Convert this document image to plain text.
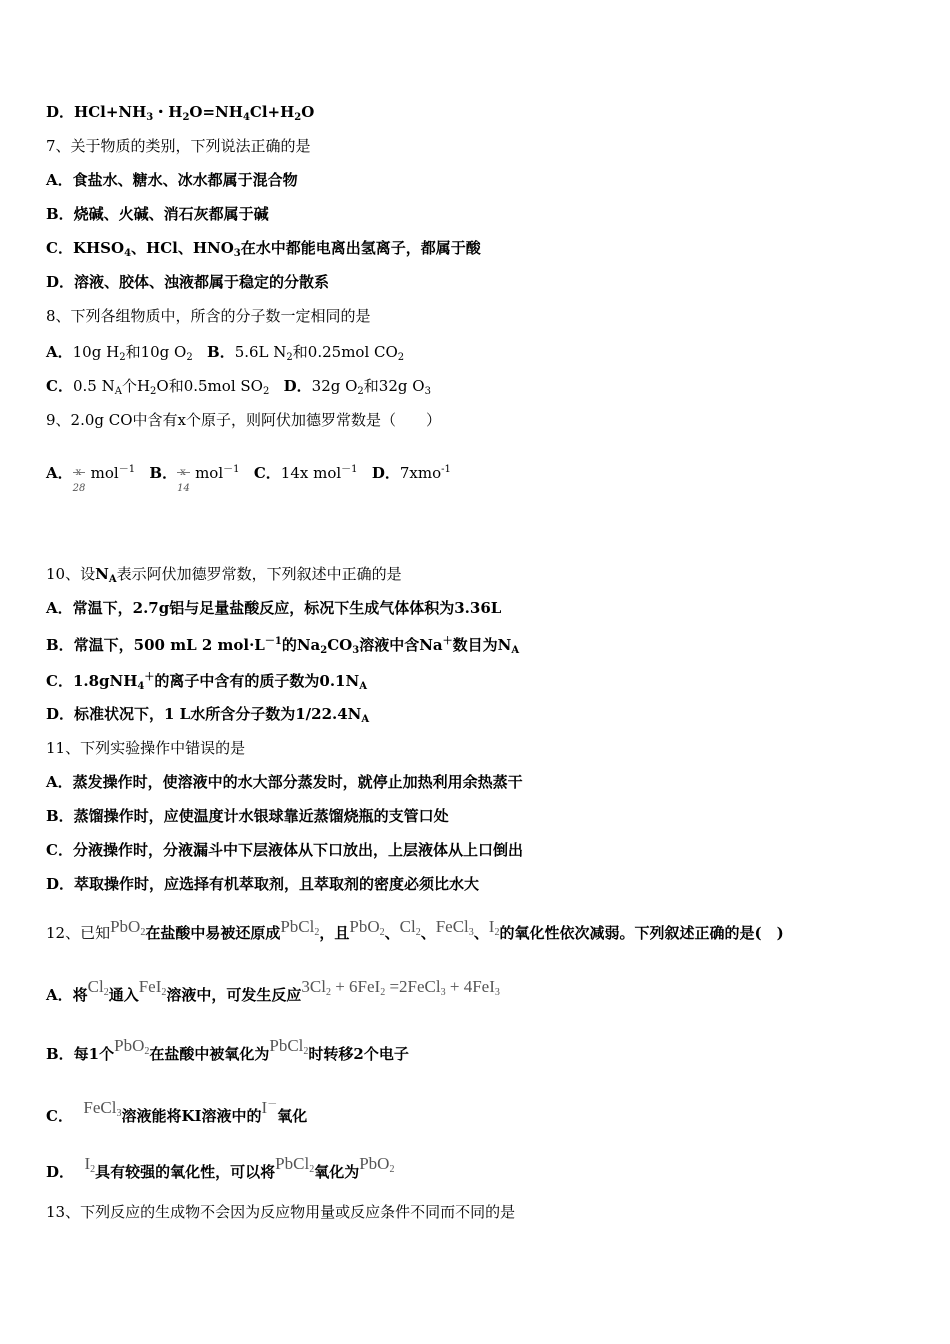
D．$HCl+NH_3$・$H_2O=NH_4Cl+H_2O$
7、关于物质的类别，下列说法正确的是
A．食盐水、糖水、冰水都属于混合物
B．烧碱、火碱、消石灰都属于碱
C．$KHSO_4$、HCl、$HNO_3$在水中都能电离出氢离子，都属于酸
D．溶液、胶体、浊液都属于稳定的分散系
8、下列各组物质中，所含的分子数一定相同的是
A．10g $H_2$和10g $O_2$ B．5.6L $N_2$和0.25mol $CO_2$
C．0.5 $N_A$个$H_2O$和0.5mol $SO_2$ D．32g $O_2$和32g $O_3$
9、2.0g CO中含有x个原子，则阿伏加德罗常数是（　　）
A． x
28
mol$^{-1}$ B． x
14
mol$^{-1}$ C．14x mol$^{-1}$ D．7xmo$^{-1}$
10、设$N_A$表示阿伏加德罗常数，下列叙述中正确的是
A．常温下，2.7g铝与足量盐酸反应，标况下生成气体体积为3.36L
B．常温下，500 mL 2 $mol\cdot L^{-1}$的$Na_2CO_3$溶液中含Na＋数目为$N_A$
C．1.8gNH$_4$＋的离子中含有的质子数为$0.1N_A$
D．标准状况下，1 L水所含分子数为$1/22.4N_A$
11、下列实验操作中错误的是
A．蒸发操作时，使溶液中的水大部分蒸发时，就停止加热利用余热蒸干
B．蒸馏操作时，应使温度计水银球靠近蒸馏烧瓶的支管口处
C．分液操作时，分液漏斗中下层液体从下口放出，上层液体从上口倒出
D．萃取操作时，应选择有机萃取剂，且萃取剂的密度必须比水大
12、已知PbO$_2$在盐酸中易被还原成PbCl$_2$，且PbO$_2$、$Cl_2$、FeCl$_3$、$I_2$的氧化性依次减弱。下列叙述正确的是(　)
A．将$Cl_2$通入FeI$_2$溶液中，可发生反应$3Cl_2 + 6FeI_2$ =2FeCl$_3$ + 4FeI$_3$
B．每1个PbO$_2$在盐酸中被氧化为PbCl$_2$时转移2个电子
C． FeCl$_3$溶液能将KI溶液中的I－氧化
D． $I_2$具有较强的氧化性，可以将PbCl$_2$氧化为PbO$_2$
13、下列反应的生成物不会因为反应物用量或反应条件不同而不同的是
